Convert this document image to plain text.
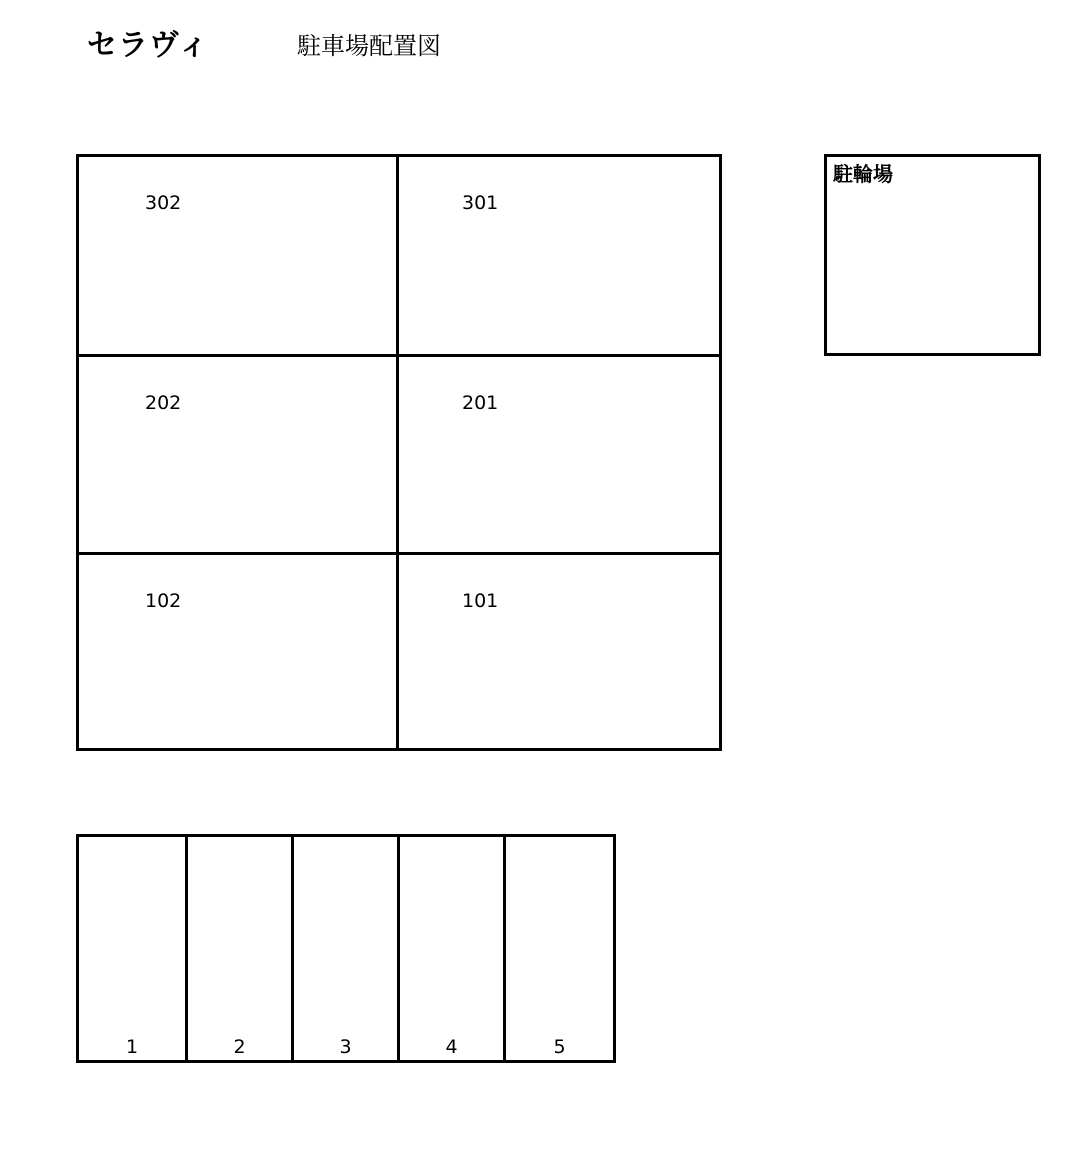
セラヴィ	駐車場配置図
302	301
202	201
102	101
駐輪場
1	2	3	4	5
